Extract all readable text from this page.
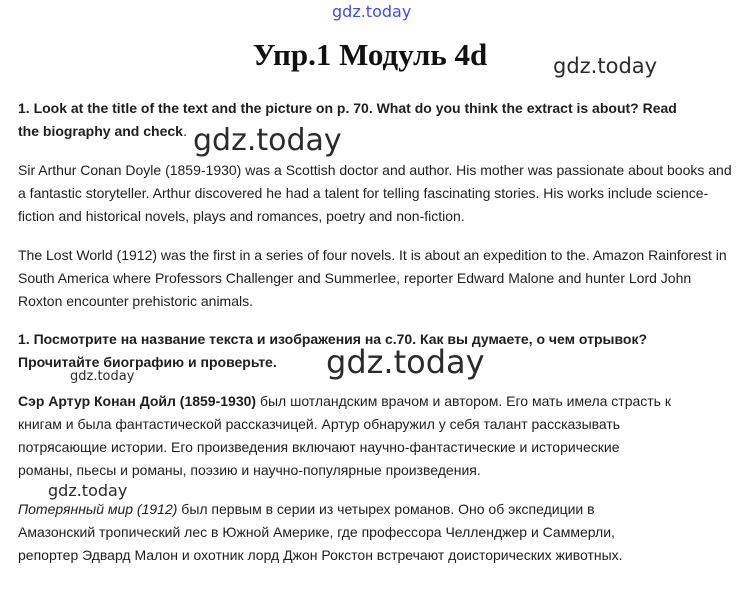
gdz.today
Упр.1 Модуль 4d	gdz.today
1. Look at the title of the text and the picture on p. 70. What do you think the extract is about? Read
the biography and check. gdz.today

Sir Arthur Conan Doyle (1859-1930) was a Scottish doctor and author. His mother was passionate about books and a fantastic storyteller. Arthur discovered he had a talent for telling fascinating stories. His works include science- fiction and historical novels, plays and romances, poetry and non-fiction.

The Lost World (1912) was the first in a series of four novels. It is about an expedition to the. Amazon Rainforest in South America where Professors Challenger and Summerlee, reporter Edward Malone and hunter Lord John Roxton encounter prehistoric animals.

1. Посмотрите на название текста и изображения на с.70. Как вы думаете, о чем отрывок?
Прочитайте биографию и проверьте.	gdz.today
gdz.today
Сэр Артур Конан Дойл (1859-1930) был шотландским врачом и автором. Его мать имела страсть к
книгам и была фантастической рассказчицей. Артур обнаружил у себя талант рассказывать
потрясающие истории. Его произведения включают научно-фантастические и исторические
романы, пьесы и романы, поэзию и научно-популярные произведения.
gdz.today
Потерянный мир (1912) был первым в серии из четырех романов. Оно об экспедиции в
Амазонский тропический лес в Южной Америке, где профессора Челленджер и Саммерли,
репортер Эдвард Малон и охотник лорд Джон Рокстон встречают доисторических животных.
